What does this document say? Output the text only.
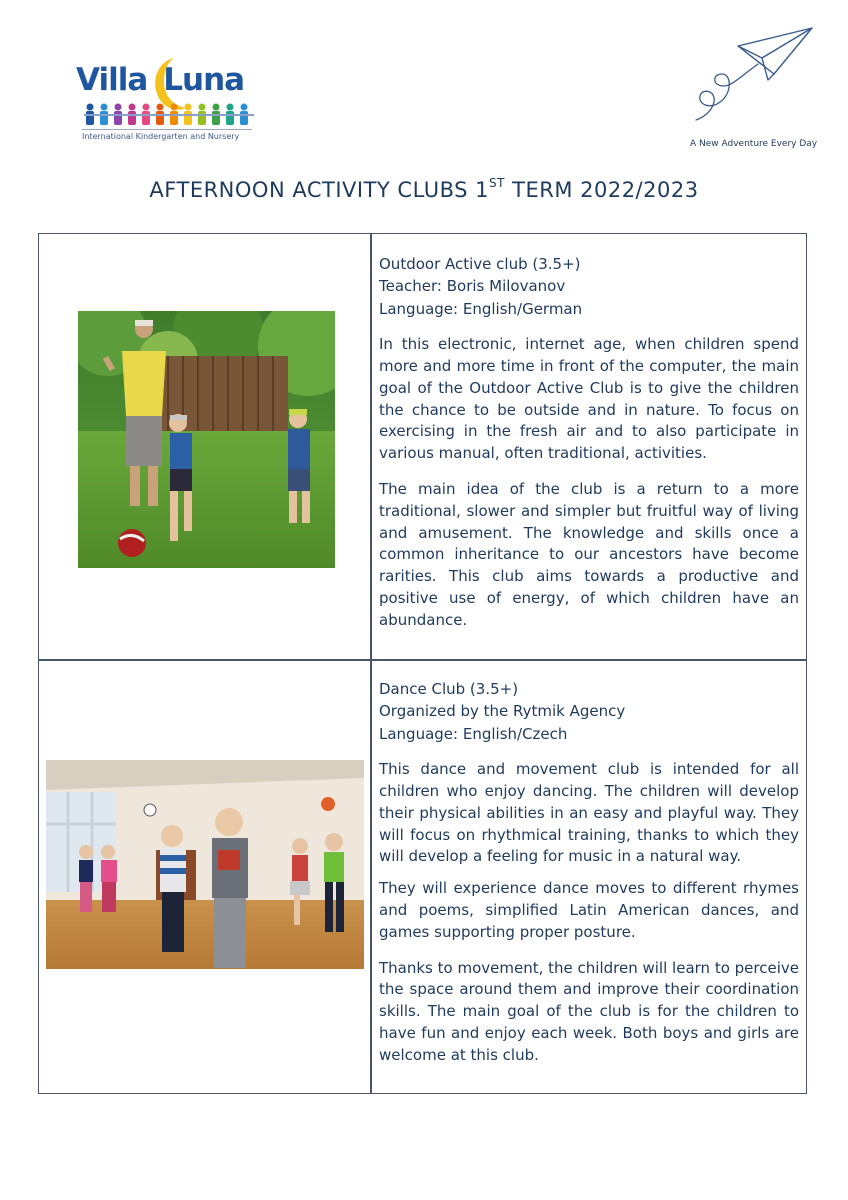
Villa Luna
International Kindergarten and Nursery
A New Adventure Every Day
AFTERNOON ACTIVITY CLUBS 1ST TERM 2022/2023
Outdoor Active club (3.5+)
Teacher: Boris Milovanov
Language: English/German

In this electronic, internet age, when children spend more and more time in front of the computer, the main goal of the Outdoor Active Club is to give the children the chance to be outside and in nature. To focus on exercising in the fresh air and to also participate in various manual, often traditional, activities.

The main idea of the club is a return to a more traditional, slower and simpler but fruitful way of living and amusement. The knowledge and skills once a common inheritance to our ancestors have become rarities. This club aims towards a productive and positive use of energy, of which children have an abundance.

Dance Club (3.5+)
Organized by the Rytmik Agency
Language: English/Czech

This dance and movement club is intended for all children who enjoy dancing. The children will develop their physical abilities in an easy and playful way. They will focus on rhythmical training, thanks to which they will develop a feeling for music in a natural way.

They will experience dance moves to different rhymes and poems, simplified Latin American dances, and games supporting proper posture.

Thanks to movement, the children will learn to perceive the space around them and improve their coordination skills. The main goal of the club is for the children to have fun and enjoy each week. Both boys and girls are welcome at this club.
